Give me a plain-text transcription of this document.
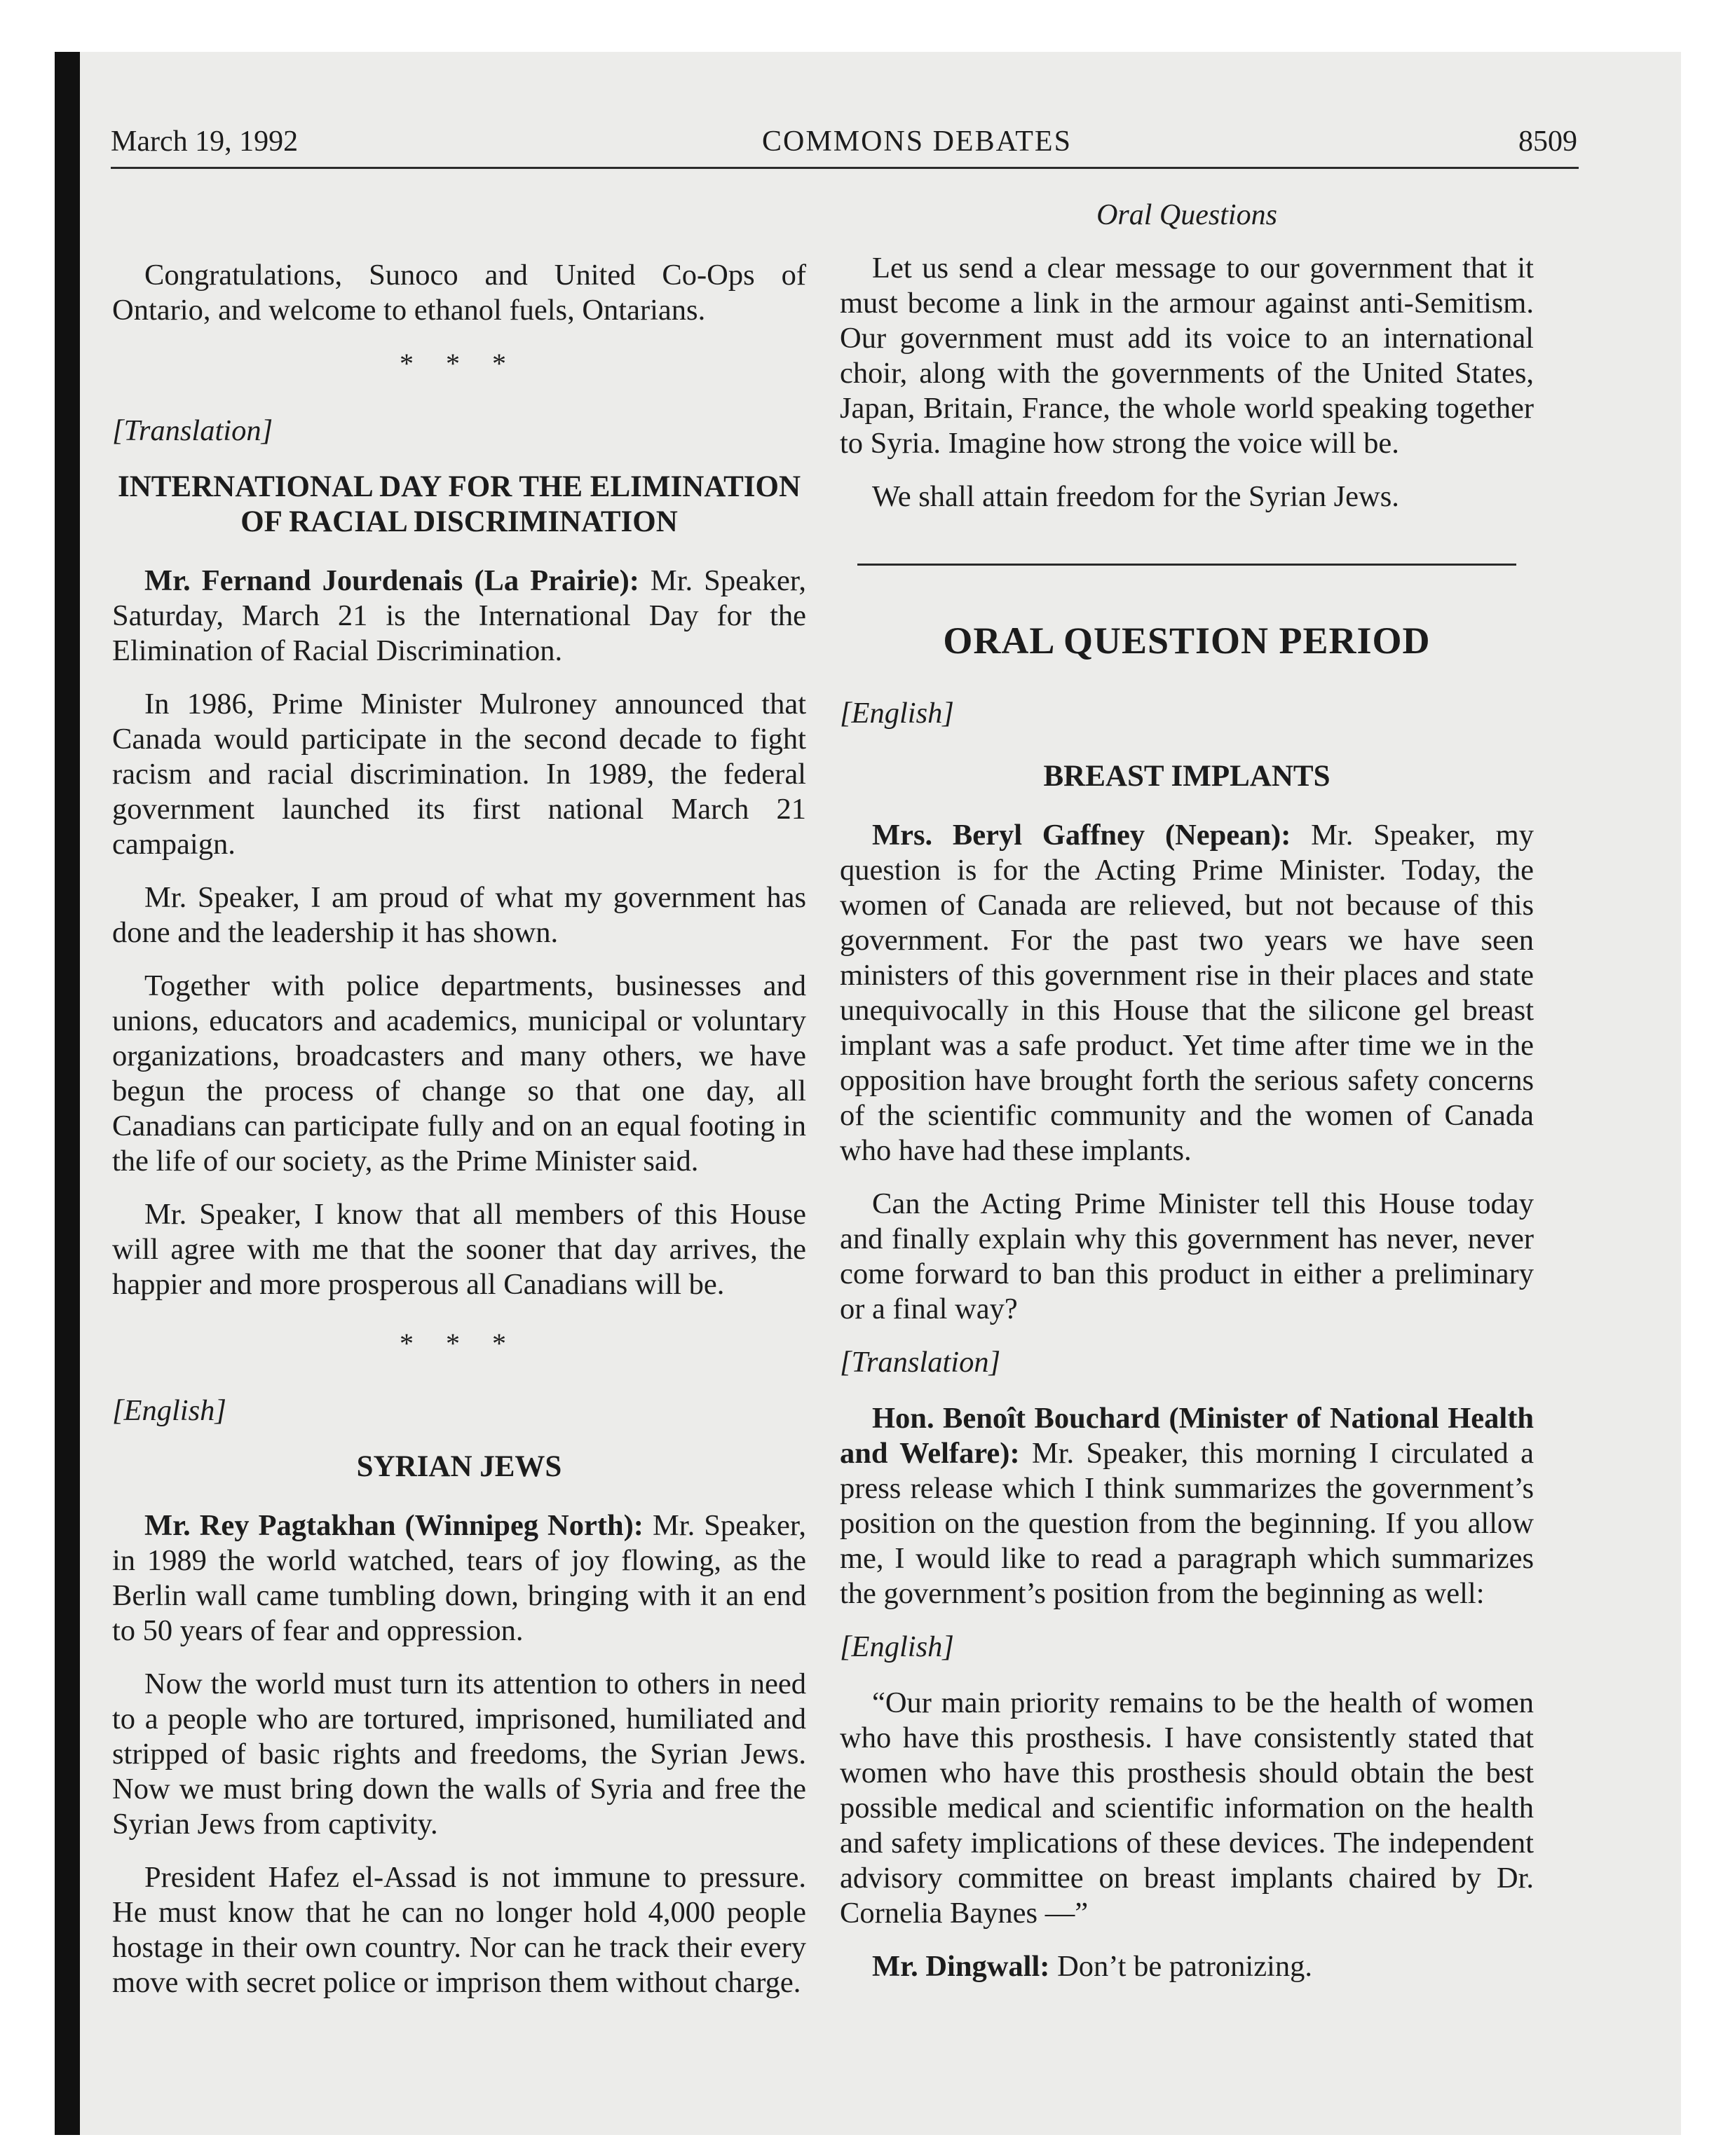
March 19, 1992	COMMONS DEBATES	8509

Congratulations, Sunoco and United Co-Ops of Ontario, and welcome to ethanol fuels, Ontarians.

* * *
[Translation]
INTERNATIONAL DAY FOR THE ELIMINATION OF RACIAL DISCRIMINATION

Mr. Fernand Jourdenais (La Prairie): Mr. Speaker, Saturday, March 21 is the International Day for the Elimination of Racial Discrimination.

In 1986, Prime Minister Mulroney announced that Canada would participate in the second decade to fight racism and racial discrimination. In 1989, the federal government launched its first national March 21 campaign.

Mr. Speaker, I am proud of what my government has done and the leadership it has shown.

Together with police departments, businesses and unions, educators and academics, municipal or voluntary organizations, broadcasters and many others, we have begun the process of change so that one day, all Canadians can participate fully and on an equal footing in the life of our society, as the Prime Minister said.

Mr. Speaker, I know that all members of this House will agree with me that the sooner that day arrives, the happier and more prosperous all Canadians will be.

* * *
[English]
SYRIAN JEWS

Mr. Rey Pagtakhan (Winnipeg North): Mr. Speaker, in 1989 the world watched, tears of joy flowing, as the Berlin wall came tumbling down, bringing with it an end to 50 years of fear and oppression.

Now the world must turn its attention to others in need to a people who are tortured, imprisoned, humiliated and stripped of basic rights and freedoms, the Syrian Jews. Now we must bring down the walls of Syria and free the Syrian Jews from captivity.

President Hafez el-Assad is not immune to pressure. He must know that he can no longer hold 4,000 people hostage in their own country. Nor can he track their every move with secret police or imprison them without charge.

Oral Questions

Let us send a clear message to our government that it must become a link in the armour against anti-Semitism. Our government must add its voice to an international choir, along with the governments of the United States, Japan, Britain, France, the whole world speaking together to Syria. Imagine how strong the voice will be.

We shall attain freedom for the Syrian Jews.

ORAL QUESTION PERIOD
[English]
BREAST IMPLANTS

Mrs. Beryl Gaffney (Nepean): Mr. Speaker, my question is for the Acting Prime Minister. Today, the women of Canada are relieved, but not because of this government. For the past two years we have seen ministers of this government rise in their places and state unequivocally in this House that the silicone gel breast implant was a safe product. Yet time after time we in the opposition have brought forth the serious safety concerns of the scientific community and the women of Canada who have had these implants.

Can the Acting Prime Minister tell this House today and finally explain why this government has never, never come forward to ban this product in either a preliminary or a final way?

[Translation]

Hon. Benoît Bouchard (Minister of National Health and Welfare): Mr. Speaker, this morning I circulated a press release which I think summarizes the government’s position on the question from the beginning. If you allow me, I would like to read a paragraph which summarizes the government’s position from the beginning as well:

[English]

“Our main priority remains to be the health of women who have this prosthesis. I have consistently stated that women who have this prosthesis should obtain the best possible medical and scientific information on the health and safety implications of these devices. The independent advisory committee on breast implants chaired by Dr. Cornelia Baynes —”

Mr. Dingwall: Don’t be patronizing.
